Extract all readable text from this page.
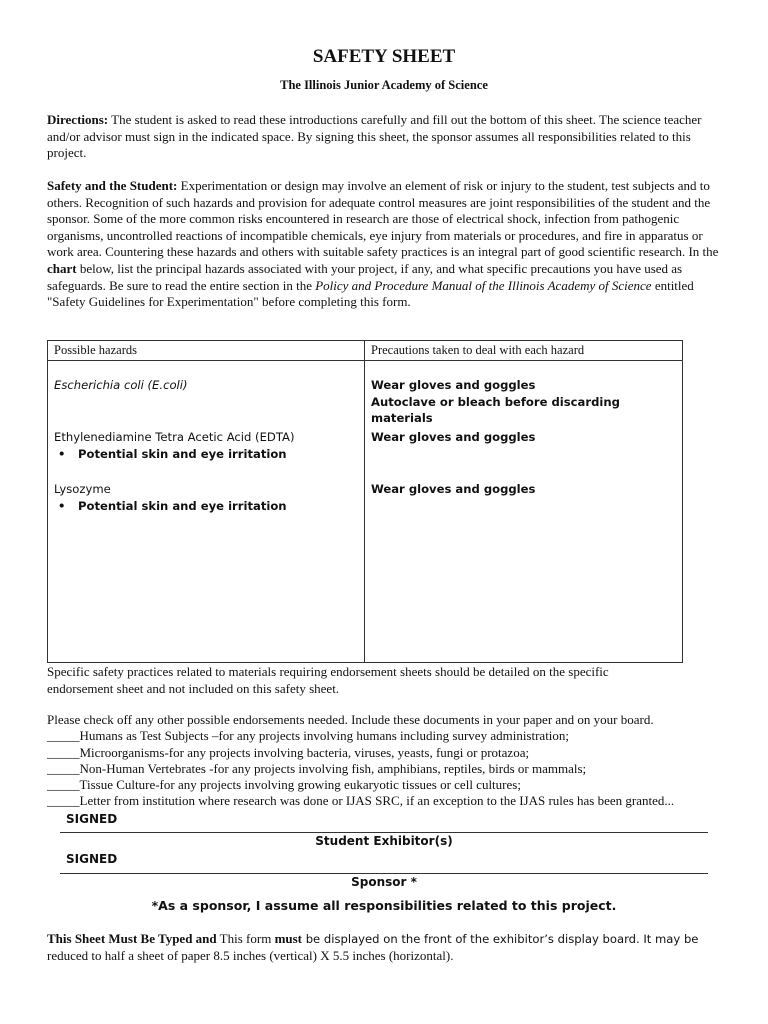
SAFETY SHEET
The Illinois Junior Academy of Science
Directions: The student is asked to read these introductions carefully and fill out the bottom of this sheet. The science teacher and/or advisor must sign in the indicated space. By signing this sheet, the sponsor assumes all responsibilities related to this project.
Safety and the Student: Experimentation or design may involve an element of risk or injury to the student, test subjects and to others. Recognition of such hazards and provision for adequate control measures are joint responsibilities of the student and the sponsor. Some of the more common risks encountered in research are those of electrical shock, infection from pathogenic organisms, uncontrolled reactions of incompatible chemicals, eye injury from materials or procedures, and fire in apparatus or work area. Countering these hazards and others with suitable safety practices is an integral part of good scientific research. In the chart below, list the principal hazards associated with your project, if any, and what specific precautions you have used as safeguards. Be sure to read the entire section in the Policy and Procedure Manual of the Illinois Academy of Science entitled "Safety Guidelines for Experimentation" before completing this form.
Possible hazards	Precautions taken to deal with each hazard
Escherichia coli (E.coli)
Ethylenediamine Tetra Acetic Acid (EDTA)
• Potential skin and eye irritation
Lysozyme
• Potential skin and eye irritation
Wear gloves and goggles
Autoclave or bleach before discarding materials
Wear gloves and goggles
Wear gloves and goggles
Specific safety practices related to materials requiring endorsement sheets should be detailed on the specific endorsement sheet and not included on this safety sheet.
Please check off any other possible endorsements needed. Include these documents in your paper and on your board.
_____Humans as Test Subjects –for any projects involving humans including survey administration;
_____Microorganisms-for any projects involving bacteria, viruses, yeasts, fungi or protazoa;
_____Non-Human Vertebrates -for any projects involving fish, amphibians, reptiles, birds or mammals;
_____Tissue Culture-for any projects involving growing eukaryotic tissues or cell cultures;
_____Letter from institution where research was done or IJAS SRC, if an exception to the IJAS rules has been granted...
SIGNED
Student Exhibitor(s)
SIGNED
Sponsor *
*As a sponsor, I assume all responsibilities related to this project.
This Sheet Must Be Typed and This form must be displayed on the front of the exhibitor’s display board. It may be
reduced to half a sheet of paper 8.5 inches (vertical) X 5.5 inches (horizontal).
